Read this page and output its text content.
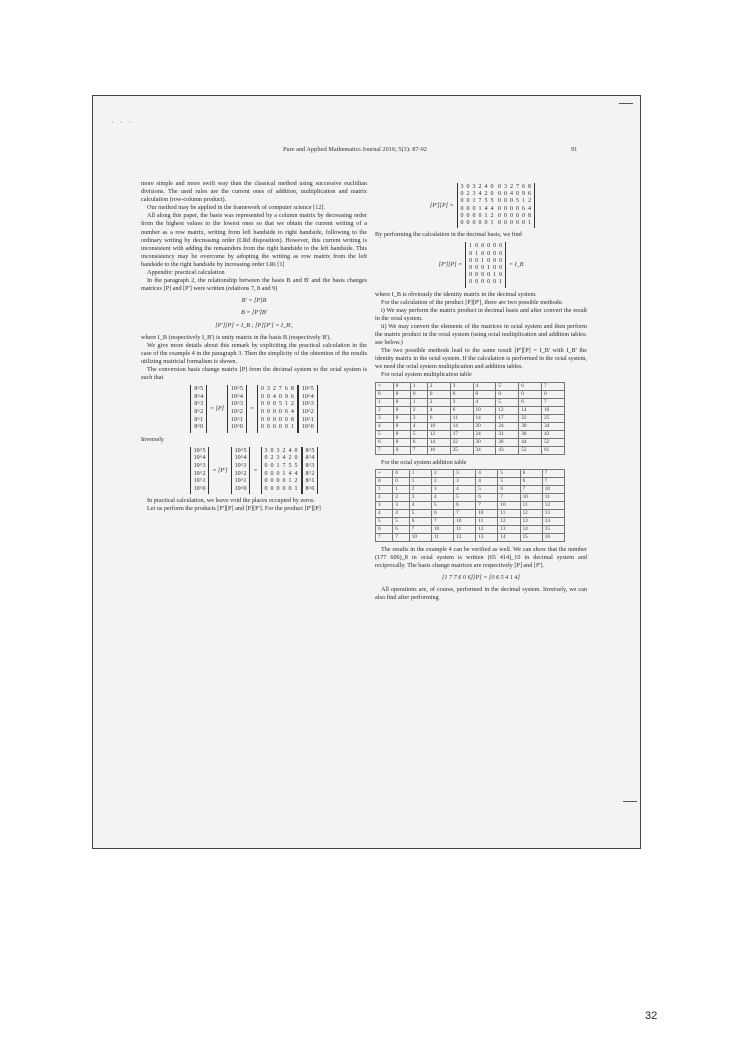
· · ·
Pure and Applied Mathematics Journal 2016; 5(3): 87-92	91

more simple and more swift way than the classical method using successive euclidian divisions. The used rules are the current ones of addition, multiplication and matrix calculation (row-column product).

Our method may be applied in the framework of computer science [12].

All along this paper, the basis was represented by a column matrix by decreasing order from the highest values to the lowest ones so that we obtain the current writing of a number as a row matrix, writing from left handside to right handside, following to the ordinary writing by decreasing order (LRd disposition). However, this current writing is inconsistent with adding the remainders from the right handside to the left handside. This inconsistency may be overcome by adopting the writing as row matrix from the left handside to the right handside by increasing order LRi [1]

Appendix: practical calculation

In the paragraph 2, the relationship between the basis B and B' and the basis changes matrices [P] and [P'] were written (relations 7, 8 and 9)

B' = [P]B
B = [P']B'
[P'][P] = I_B ; [P][P'] = I_B',

where I_B (respectively I_B') is unity matrix in the basis B (respectively B').

We give more details about this remark by expliciting the practical calculation in the case of the example 4 in the paragraph 3. Then the simplicity of the obtention of the results utilizing matricial formalism is shown.

The conversion basis change matrix [P] from the decimal system to the octal system is such that

8^5
8^4
8^3
8^2
8^1
8^0
= [P]
10^5
10^4
10^3
10^2
10^1
10^0
=
0  3  2  7  6  8
0  0  4  0  9  6
0  0  0  5  1  2
0  0  0  0  6  4
0  0  0  0  0  8
0  0  0  0  0  1
10^5
10^4
10^3
10^2
10^1
10^0

Inversely

10^5
10^4
10^3
10^2
10^1
10^0
= [P']
10^5
10^4
10^3
10^2
10^1
10^0
=
3  0  3  2  4  0
0  2  3  4  2  0
0  0  1  7  5  5
0  0  0  1  4  4
0  0  0  0  1  2
0  0  0  0  0  1
8^5
8^4
8^3
8^2
8^1
8^0

In practical calculation, we leave void the places occupied by zeros.

Let us perform the products [P'][P] and [P][P']. For the product [P'][P]

[P'][P] =
3  0  3  2  4  0   0  3  2  7  6  8
0  2  3  4  2  0   0  0  4  0  9  6
0  0  1  7  5  5   0  0  0  5  1  2
0  0  0  1  4  4   0  0  0  0  6  4
0  0  0  0  1  2   0  0  0  0  0  8
0  0  0  0  0  1   0  0  0  0  0  1

By performing the calculation in the decimal basis, we find

[P'][P] =
1  0  0  0  0  0
0  1  0  0  0  0
0  0  1  0  0  0
0  0  0  1  0  0
0  0  0  0  1  0
0  0  0  0  0  1
= I_B

where I_B is obviously the identity matrix in the decimal system.

For the calculation of the product [P][P'], there are two possible methods:

i) We may perform the matrix product in decimal basis and after convert the result in the octal system.

ii) We may convert the elements of the matrices in octal system and then perform the matrix product in the octal system (using octal multiplication and addition tables: see below.)

The two possible methods lead to the same result [P'][P] = I_B' with I_B' the identity matrix in the octal system. If the calculation is performed in the octal system, we need the octal system multiplication and addition tables.

For octal system multiplication table

×	0	1	2	3	4	5	6	7
0	0	0	0	0	0	0	0	0
1	0	1	2	3	4	5	6	7
2	0	2	4	6	10	12	14	16
3	0	3	6	11	14	17	22	25
4	0	4	10	14	20	24	30	34
5	0	5	12	17	24	31	36	43
6	0	6	14	22	30	36	44	52
7	0	7	16	25	34	43	52	61

For the octal system addition table

+	0	1	2	3	4	5	6	7
0	0	1	2	3	4	5	6	7
1	1	2	3	4	5	6	7	10
2	2	3	4	5	6	7	10	11
3	3	4	5	6	7	10	11	12
4	4	5	6	7	10	11	12	13
5	5	6	7	10	11	12	13	14
6	6	7	10	11	12	13	14	15
7	7	10	11	12	13	14	15	16

The results in the example 4 can be verified as well. We can show that the number (177 606)_8 in octal system is written (65 414)_10 in decimal system and reciprocally. The basis change matrices are respectively [P] and [P'].

[1 7 7 6 0 6][P] = [0 6 5 4 1 4]

All operations are, of course, performed in the decimal system. Inversely, we can also find after performing

32
